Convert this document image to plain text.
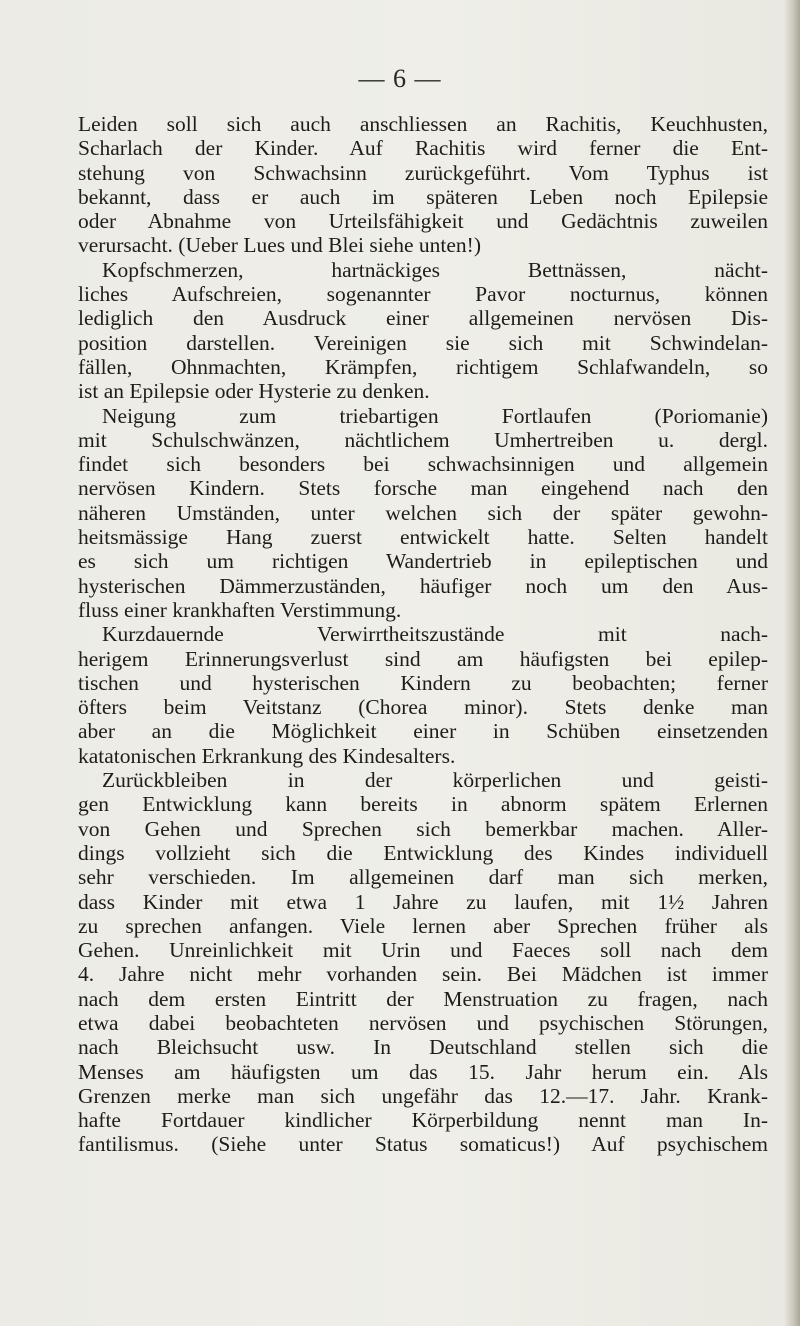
— 6 —
Leiden soll sich auch anschliessen an Rachitis, Keuchhusten,
Scharlach der Kinder. Auf Rachitis wird ferner die Ent-
stehung von Schwachsinn zurückgeführt. Vom Typhus ist
bekannt, dass er auch im späteren Leben noch Epilepsie
oder Abnahme von Urteilsfähigkeit und Gedächtnis zuweilen
verursacht. (Ueber Lues und Blei siehe unten!)
Kopfschmerzen, hartnäckiges Bettnässen, nächt-
liches Aufschreien, sogenannter Pavor nocturnus, können
lediglich den Ausdruck einer allgemeinen nervösen Dis-
position darstellen. Vereinigen sie sich mit Schwindelan-
fällen, Ohnmachten, Krämpfen, richtigem Schlafwandeln, so
ist an Epilepsie oder Hysterie zu denken.
Neigung zum triebartigen Fortlaufen (Poriomanie)
mit Schulschwänzen, nächtlichem Umhertreiben u. dergl.
findet sich besonders bei schwachsinnigen und allgemein
nervösen Kindern. Stets forsche man eingehend nach den
näheren Umständen, unter welchen sich der später gewohn-
heitsmässige Hang zuerst entwickelt hatte. Selten handelt
es sich um richtigen Wandertrieb in epileptischen und
hysterischen Dämmerzuständen, häufiger noch um den Aus-
fluss einer krankhaften Verstimmung.
Kurzdauernde Verwirrtheitszustände mit nach-
herigem Erinnerungsverlust sind am häufigsten bei epilep-
tischen und hysterischen Kindern zu beobachten; ferner
öfters beim Veitstanz (Chorea minor). Stets denke man
aber an die Möglichkeit einer in Schüben einsetzenden
katatonischen Erkrankung des Kindesalters.
Zurückbleiben in der körperlichen und geisti-
gen Entwicklung kann bereits in abnorm spätem Erlernen
von Gehen und Sprechen sich bemerkbar machen. Aller-
dings vollzieht sich die Entwicklung des Kindes individuell
sehr verschieden. Im allgemeinen darf man sich merken,
dass Kinder mit etwa 1 Jahre zu laufen, mit 1½ Jahren
zu sprechen anfangen. Viele lernen aber Sprechen früher als
Gehen. Unreinlichkeit mit Urin und Faeces soll nach dem
4. Jahre nicht mehr vorhanden sein. Bei Mädchen ist immer
nach dem ersten Eintritt der Menstruation zu fragen, nach
etwa dabei beobachteten nervösen und psychischen Störungen,
nach Bleichsucht usw. In Deutschland stellen sich die
Menses am häufigsten um das 15. Jahr herum ein. Als
Grenzen merke man sich ungefähr das 12.—17. Jahr. Krank-
hafte Fortdauer kindlicher Körperbildung nennt man In-
fantilismus. (Siehe unter Status somaticus!) Auf psychischem
